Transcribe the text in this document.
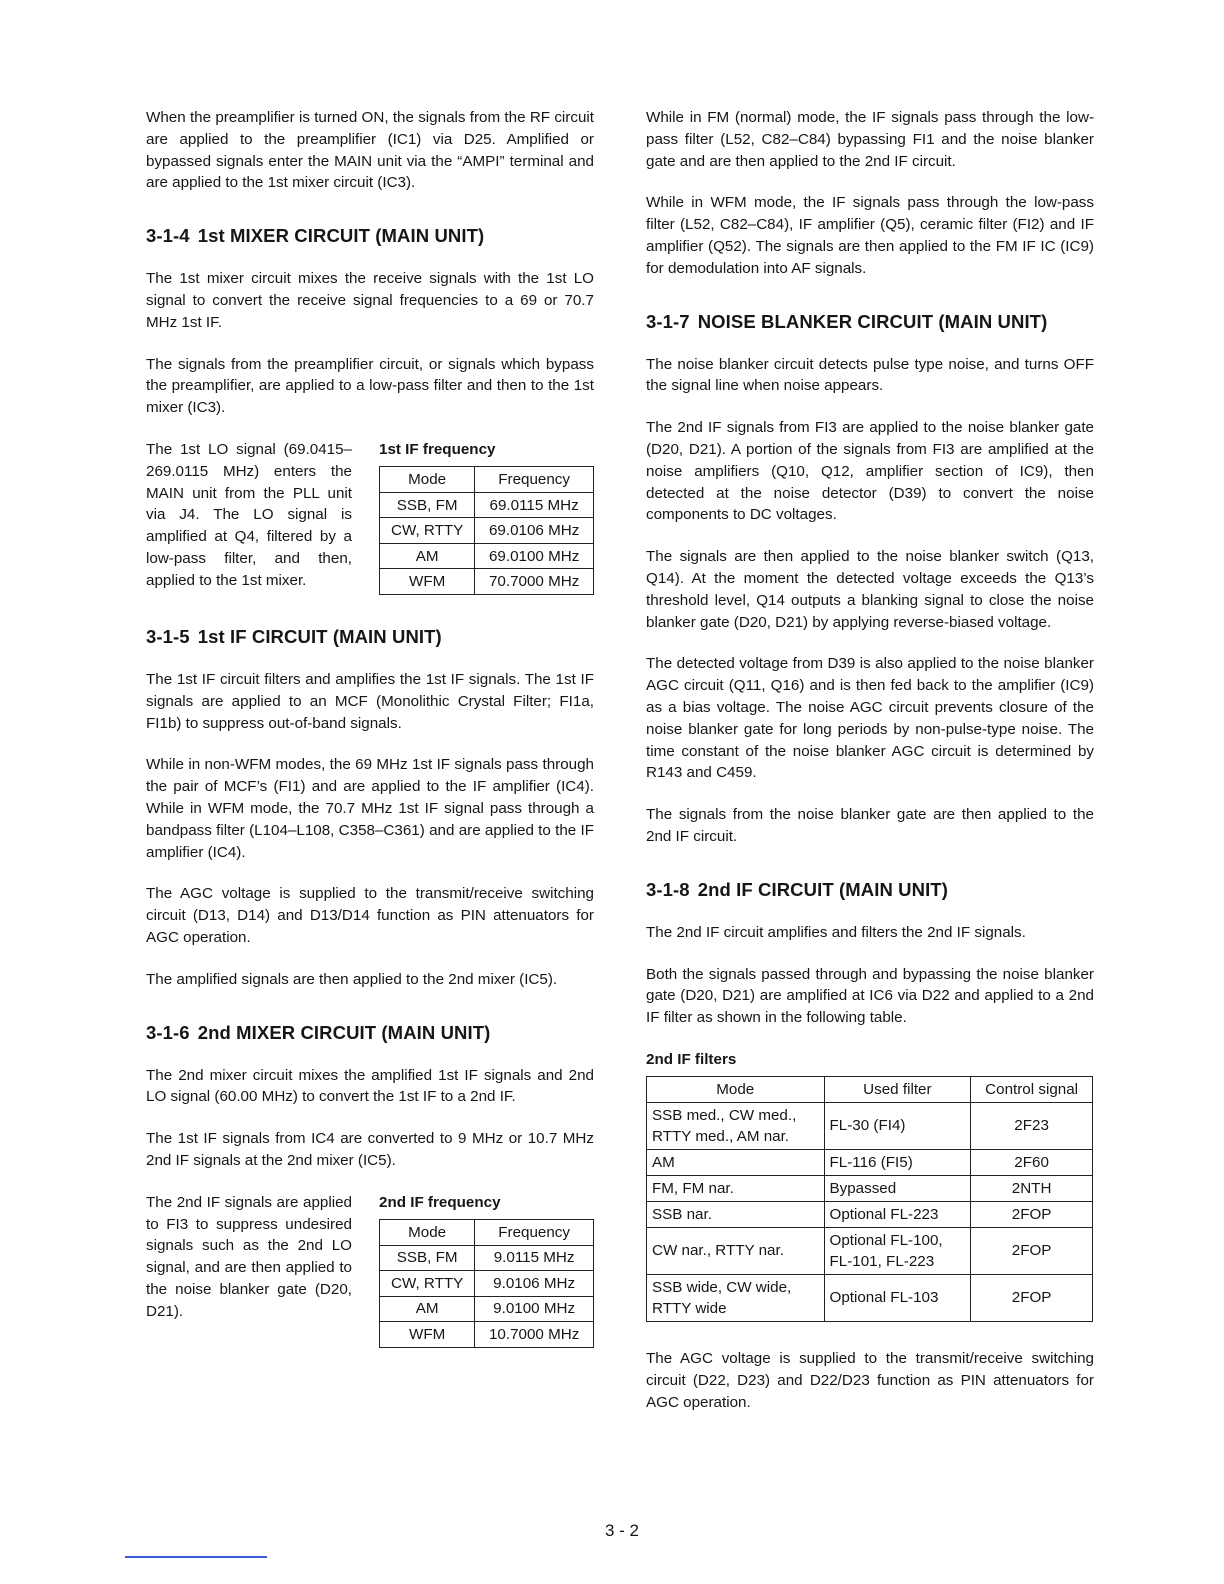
When the preamplifier is turned ON, the signals from the RF circuit are applied to the preamplifier (IC1) via D25. Amplified or bypassed signals enter the MAIN unit via the “AMPI” terminal and are applied to the 1st mixer circuit (IC3).

3-1-4 1st MIXER CIRCUIT (MAIN UNIT)

The 1st mixer circuit mixes the receive signals with the 1st LO signal to convert the receive signal frequencies to a 69 or 70.7 MHz 1st IF.

The signals from the preamplifier circuit, or signals which bypass the preamplifier, are applied to a low-pass filter and then to the 1st mixer (IC3).

The 1st LO signal (69.0415–269.0115 MHz) enters the MAIN unit from the PLL unit via J4. The LO signal is amplified at Q4, filtered by a low-pass filter, and then, applied to the 1st mixer.

1st IF frequency
Mode	Frequency
SSB, FM	69.0115 MHz
CW, RTTY	69.0106 MHz
AM	69.0100 MHz
WFM	70.7000 MHz
3-1-5 1st IF CIRCUIT (MAIN UNIT)

The 1st IF circuit filters and amplifies the 1st IF signals. The 1st IF signals are applied to an MCF (Monolithic Crystal Filter; FI1a, FI1b) to suppress out-of-band signals.

While in non-WFM modes, the 69 MHz 1st IF signals pass through the pair of MCF’s (FI1) and are applied to the IF amplifier (IC4). While in WFM mode, the 70.7 MHz 1st IF signal pass through a bandpass filter (L104–L108, C358–C361) and are applied to the IF amplifier (IC4).

The AGC voltage is supplied to the transmit/receive switching circuit (D13, D14) and D13/D14 function as PIN attenuators for AGC operation.

The amplified signals are then applied to the 2nd mixer (IC5).

3-1-6 2nd MIXER CIRCUIT (MAIN UNIT)

The 2nd mixer circuit mixes the amplified 1st IF signals and 2nd LO signal (60.00 MHz) to convert the 1st IF to a 2nd IF.

The 1st IF signals from IC4 are converted to 9 MHz or 10.7 MHz 2nd IF signals at the 2nd mixer (IC5).

The 2nd IF signals are applied to FI3 to suppress undesired signals such as the 2nd LO signal, and are then applied to the noise blanker gate (D20, D21).

2nd IF frequency
Mode	Frequency
SSB, FM	9.0115 MHz
CW, RTTY	9.0106 MHz
AM	9.0100 MHz
WFM	10.7000 MHz

While in FM (normal) mode, the IF signals pass through the low-pass filter (L52, C82–C84) bypassing FI1 and the noise blanker gate and are then applied to the 2nd IF circuit.

While in WFM mode, the IF signals pass through the low-pass filter (L52, C82–C84), IF amplifier (Q5), ceramic filter (FI2) and IF amplifier (Q52). The signals are then applied to the FM IF IC (IC9) for demodulation into AF signals.

3-1-7 NOISE BLANKER CIRCUIT (MAIN UNIT)

The noise blanker circuit detects pulse type noise, and turns OFF the signal line when noise appears.

The 2nd IF signals from FI3 are applied to the noise blanker gate (D20, D21). A portion of the signals from FI3 are amplified at the noise amplifiers (Q10, Q12, amplifier section of IC9), then detected at the noise detector (D39) to convert the noise components to DC voltages.

The signals are then applied to the noise blanker switch (Q13, Q14). At the moment the detected voltage exceeds the Q13’s threshold level, Q14 outputs a blanking signal to close the noise blanker gate (D20, D21) by applying reverse-biased voltage.

The detected voltage from D39 is also applied to the noise blanker AGC circuit (Q11, Q16) and is then fed back to the amplifier (IC9) as a bias voltage. The noise AGC circuit prevents closure of the noise blanker gate for long periods by non-pulse-type noise. The time constant of the noise blanker AGC circuit is determined by R143 and C459.

The signals from the noise blanker gate are then applied to the 2nd IF circuit.

3-1-8 2nd IF CIRCUIT (MAIN UNIT)

The 2nd IF circuit amplifies and filters the 2nd IF signals.

Both the signals passed through and bypassing the noise blanker gate (D20, D21) are amplified at IC6 via D22 and applied to a 2nd IF filter as shown in the following table.

2nd IF filters
Mode	Used filter	Control signal
SSB med., CW med., RTTY med., AM nar.	FL-30 (FI4)	2F23
AM	FL-116 (FI5)	2F60
FM, FM nar.	Bypassed	2NTH
SSB nar.	Optional FL-223	2FOP
CW nar., RTTY nar.	Optional FL-100, FL-101, FL-223	2FOP
SSB wide, CW wide, RTTY wide	Optional FL-103	2FOP

The AGC voltage is supplied to the transmit/receive switching circuit (D22, D23) and D22/D23 function as PIN attenuators for AGC operation.

3 - 2
